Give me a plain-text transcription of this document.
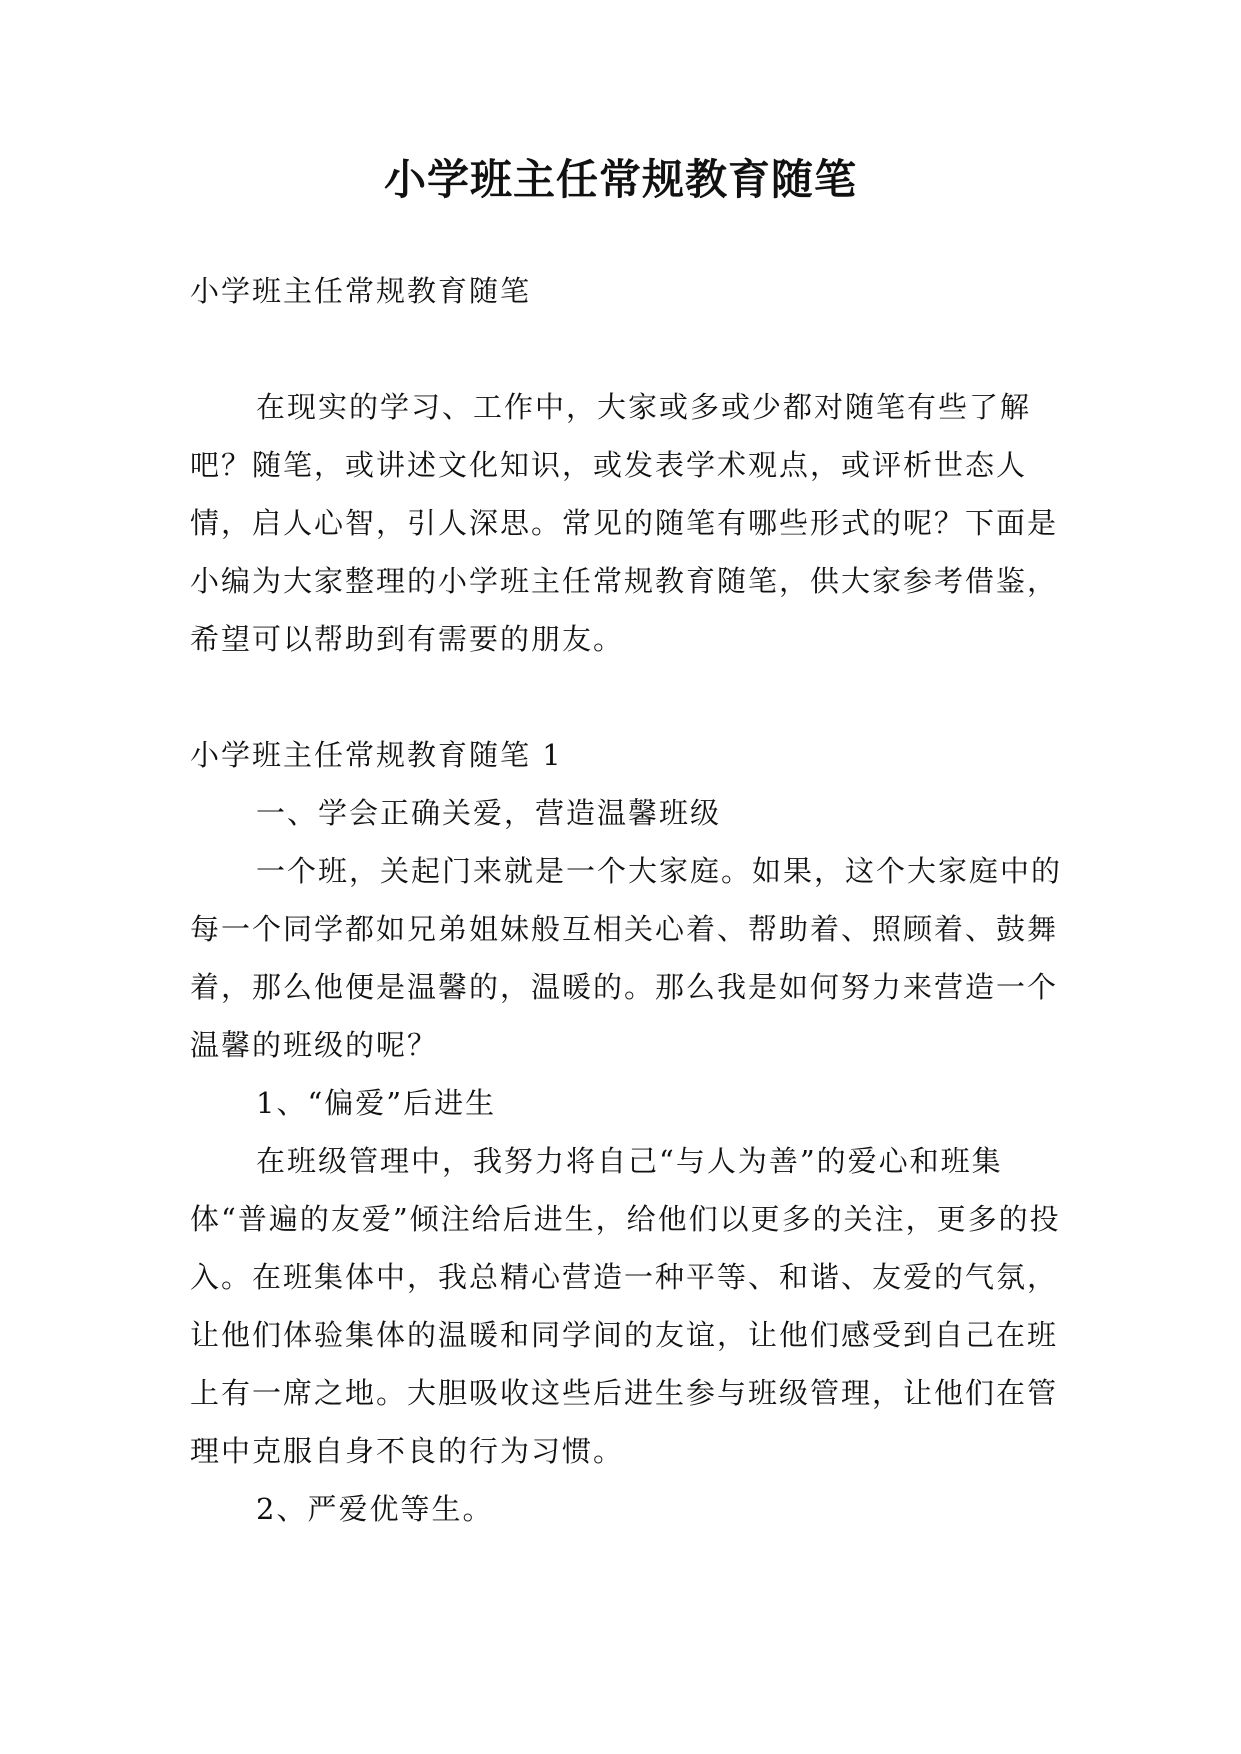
小学班主任常规教育随笔

小学班主任常规教育随笔

在现实的学习、工作中，大家或多或少都对随笔有些了解吧？随笔，或讲述文化知识，或发表学术观点，或评析世态人情，启人心智，引人深思。常见的随笔有哪些形式的呢？下面是小编为大家整理的小学班主任常规教育随笔，供大家参考借鉴，希望可以帮助到有需要的朋友。

小学班主任常规教育随笔 1

一、学会正确关爱，营造温馨班级

一个班，关起门来就是一个大家庭。如果，这个大家庭中的每一个同学都如兄弟姐妹般互相关心着、帮助着、照顾着、鼓舞着，那么他便是温馨的，温暖的。那么我是如何努力来营造一个温馨的班级的呢？

1、“偏爱”后进生

在班级管理中，我努力将自己“与人为善”的爱心和班集体“普遍的友爱”倾注给后进生，给他们以更多的关注，更多的投入。在班集体中，我总精心营造一种平等、和谐、友爱的气氛，让他们体验集体的温暖和同学间的友谊，让他们感受到自己在班上有一席之地。大胆吸收这些后进生参与班级管理，让他们在管理中克服自身不良的行为习惯。

2、严爱优等生。
